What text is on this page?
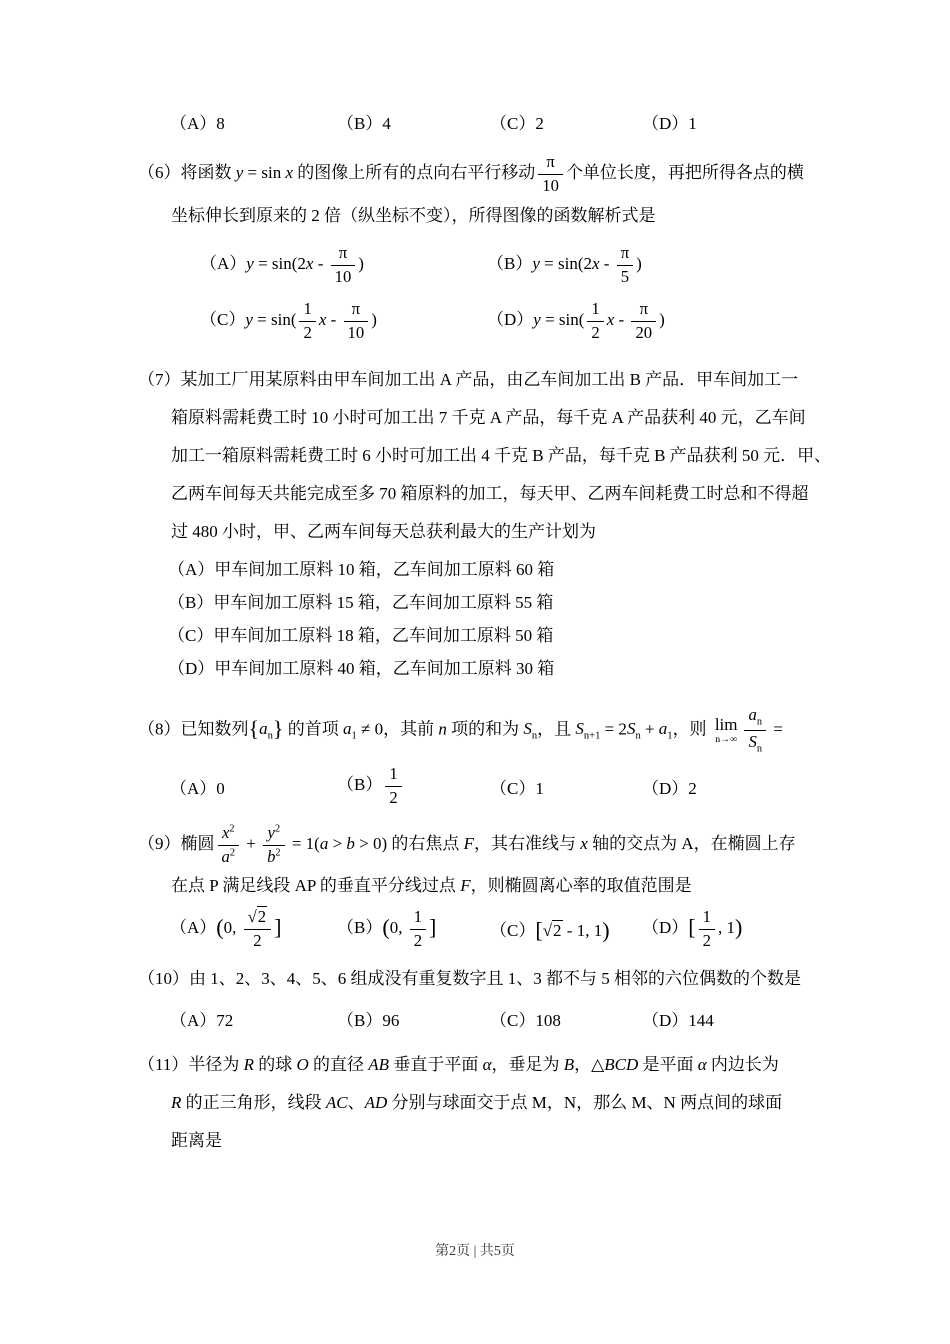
（A）8	（B）4	（C）2	（D）1
（6）将函数 y = sin x 的图像上所有的点向右平行移动 $\frac{\pi}{10}$ 个单位长度，再把所得各点的横
坐标伸长到原来的 2 倍（纵坐标不变），所得图像的函数解析式是
$(A)y = \sin(2x - \frac{\pi}{10}$ )	$(B)y = \sin(2x - \frac{\pi}{5}$ )
$(C)y = \sin( \frac{1}{2}$ x - $\frac{\pi}{10}$ )	$(D)y = \sin( \frac{1}{2}$ x - $\frac{\pi}{20}$ )
（7）某加工厂用某原料由甲车间加工出 A 产品，由乙车间加工出 B 产品．甲车间加工一
箱原料需耗费工时 10 小时可加工出 7 千克 A 产品，每千克 A 产品获利 40 元，乙车间
加工一箱原料需耗费工时 6 小时可加工出 4 千克 B 产品，每千克 B 产品获利 50 元．甲、
乙两车间每天共能完成至多 70 箱原料的加工，每天甲、乙两车间耗费工时总和不得超
过 480 小时，甲、乙两车间每天总获利最大的生产计划为
（A）甲车间加工原料 10 箱，乙车间加工原料 60 箱
（B）甲车间加工原料 15 箱，乙车间加工原料 55 箱
（C）甲车间加工原料 18 箱，乙车间加工原料 50 箱
（D）甲车间加工原料 40 箱，乙车间加工原料 30 箱
（8）已知数列$\{a_n\}$ 的首项 $a_1 \ne 0$，其前 n 项的和为 $S_n$，且 $S_{n+1} = 2S_n + a_1$，则 lim
$n\to\infty \frac{a_n}{S_n}$ =
（A）0	$(B) \frac{1}{2}$	（C）1	（D）2
（9）椭圆 $\frac{x^2}{a^2} + \frac{y^2}{b^2} = 1(a > b > 0)$ 的右焦点 F，其右准线与 x 轴的交点为 A，在椭圆上存
在点 P 满足线段 AP 的垂直平分线过点 F，则椭圆离心率的取值范围是
（A）(0, $\frac{√2}{2}$ ]	（B）(0, $\frac{1}{2}$ ]	（C）[√2 - 1, 1)	$(D)[ \frac{1}{2}$ , 1)
（10）由 1、2、3、4、5、6 组成没有重复数字且 1、3 都不与 5 相邻的六位偶数的个数是
（A）72	（B）96	（C）108	（D）144
（11）半径为 R 的球 O 的直径 AB 垂直于平面 α，垂足为 B，△BCD 是平面 α 内边长为
R 的正三角形，线段 AC、AD 分别与球面交于点 M，N，那么 M、N 两点间的球面
距离是
第2页 | 共5页
